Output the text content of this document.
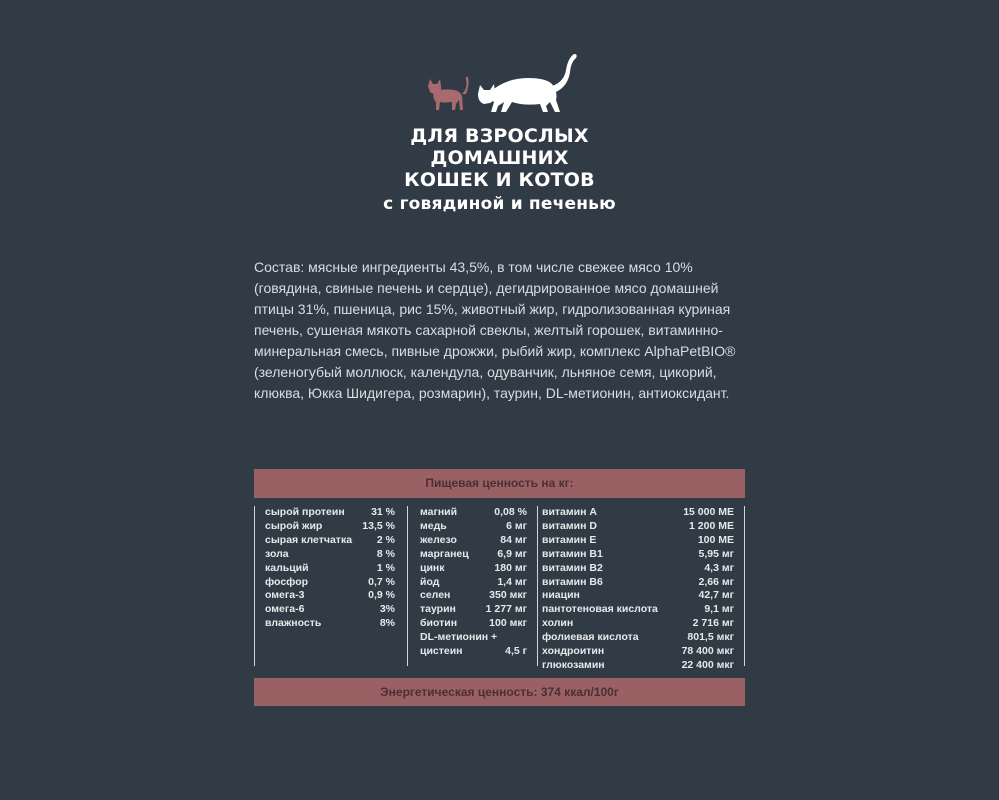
ДЛЯ ВЗРОСЛЫХ
ДОМАШНИХ
КОШЕК И КОТОВ
с говядиной и печенью
Состав: мясные ингредиенты 43,5%, в том числе свежее мясо 10% (говядина, свиные печень и сердце), дегидрированное мясо домашней птицы 31%, пшеница, рис 15%, животный жир, гидролизованная куриная печень, сушеная мякоть сахарной свеклы, желтый горошек, витаминно-минеральная смесь, пивные дрожжи, рыбий жир, комплекс AlphaPetBIO® (зеленогубый моллюск, календула, одуванчик, льняное семя, цикорий, клюква, Юкка Шидигера, розмарин), таурин, DL-метионин, антиоксидант.
Пищевая ценность на кг:
сырой протеин	31 %
сырой жир	13,5 %
сырая клетчатка 2 %
зола	8 %
кальций	1 %
фосфор	0,7 %
омега-3	0,9 %
омега-6	3%
влажность	8%
магний	0,08 %
медь	6 мг
железо	84 мг
марганец	6,9 мг
цинк	180 мг
йод	1,4 мг
селен	350 мкг
таурин	1 277 мг
биотин	100 мкг
DL-метионин +
цистеин	4,5 г
витамин А	15 000 МЕ
витамин D	1 200 МЕ
витамин Е	100 МЕ
витамин В1	5,95 мг
витамин В2	4,3 мг
витамин В6	2,66 мг
ниацин	42,7 мг
пантотеновая кислота	9,1 мг
холин	2 716 мг
фолиевая кислота	801,5 мкг
хондроитин	78 400 мкг
глюкозамин	22 400 мкг
Энергетическая ценность: 374 ккал/100г
